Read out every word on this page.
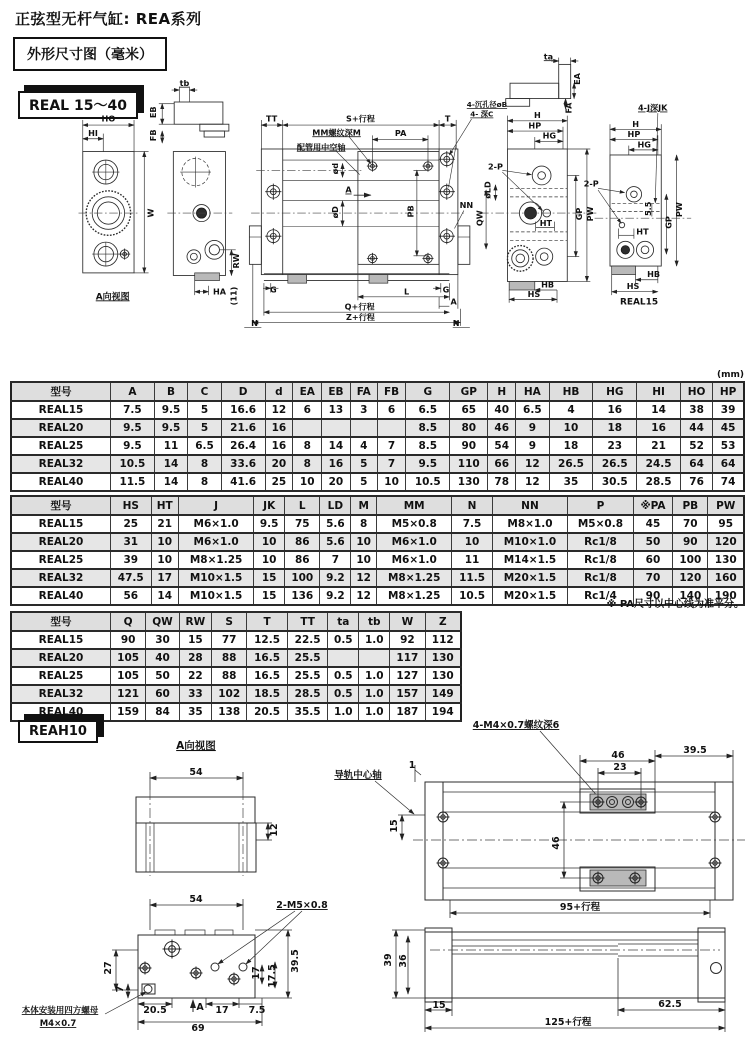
正弦型无杆气缸: REA系列
外形尺寸图（毫米）
REAL 15～40
(mm)
HO
HI
W
A向视图
RW
HA (11)
tb
EB
FB
TT	S+行程	T
MM螺纹深M
配管用中空轴
PA
ød
øD
A
PB
NN
4-沉孔径øB
4- 深C
G	G
L
A
Q+行程
Z+行程
N	N
H
HP
HG
2-P
øLD
QW	HT
GP PW
HB
HS
ta
EA
FA	4-J深JK
H
HP
HG
2-P
5.5
GP
PW
HT
HB
HS
REAL15
型号	A	B	C	D	d	EA	EB	FA	FB	G	GP	H	HA	HB	HG	HI	HO	HP
REAL15	7.5	9.5	5	16.6	12	6	13	3	6	6.5	65	40	6.5	4	16	14	38	39
REAL20	9.5	9.5	5	21.6	16					8.5	80	46	9	10	18	16	44	45
REAL25	9.5	11	6.5	26.4	16	8	14	4	7	8.5	90	54	9	18	23	21	52	53
REAL32	10.5	14	8	33.6	20	8	16	5	7	9.5	110	66	12	26.5	26.5	24.5	64	64
REAL40	11.5	14	8	41.6	25	10	20	5	10	10.5	130	78	12	35	30.5	28.5	76	74
型号	HS	HT	J	JK	L	LD	M	MM	N	NN	P	※PA	PB	PW
REAL15	25	21	M6×1.0	9.5	75	5.6	8	M5×0.8	7.5	M8×1.0	M5×0.8	45	70	95
REAL20	31	10	M6×1.0	10	86	5.6	10	M6×1.0	10	M10×1.0	Rc1/8	50	90	120
REAL25	39	10	M8×1.25	10	86	7	10	M6×1.0	11	M14×1.5	Rc1/8	60	100	130
REAL32	47.5	17	M10×1.5	15	100	9.2	12	M8×1.25	11.5	M20×1.5	Rc1/8	70	120	160
REAL40	56	14	M10×1.5	15	136	9.2	12	M8×1.25	10.5	M20×1.5	Rc1/4	90	140	190
※ PA尺寸以中心线为准平分。
型号	Q	QW	RW	S	T	TT	ta	tb	W	Z
REAL15	90	30	15	77	12.5	22.5	0.5	1.0	92	112
REAL20	105	40	28	88	16.5	25.5			117	130
REAL25	105	50	22	88	16.5	25.5	0.5	1.0	127	130
REAL32	121	60	33	102	18.5	28.5	0.5	1.0	157	149
REAL40	159	84	35	138	20.5	35.5	1.0	1.0	187	194
REAH10
A向视图
54
12
4-M4×0.7螺纹深6
导轨中心轴
1
46
23
39.5
15
46
95+行程
54
2-M5×0.8
27
7
39.5
17 17.5
20.5	A 17 7.5
69
本体安装用四方螺母
M4×0.7
39 36
15	62.5
125+行程
